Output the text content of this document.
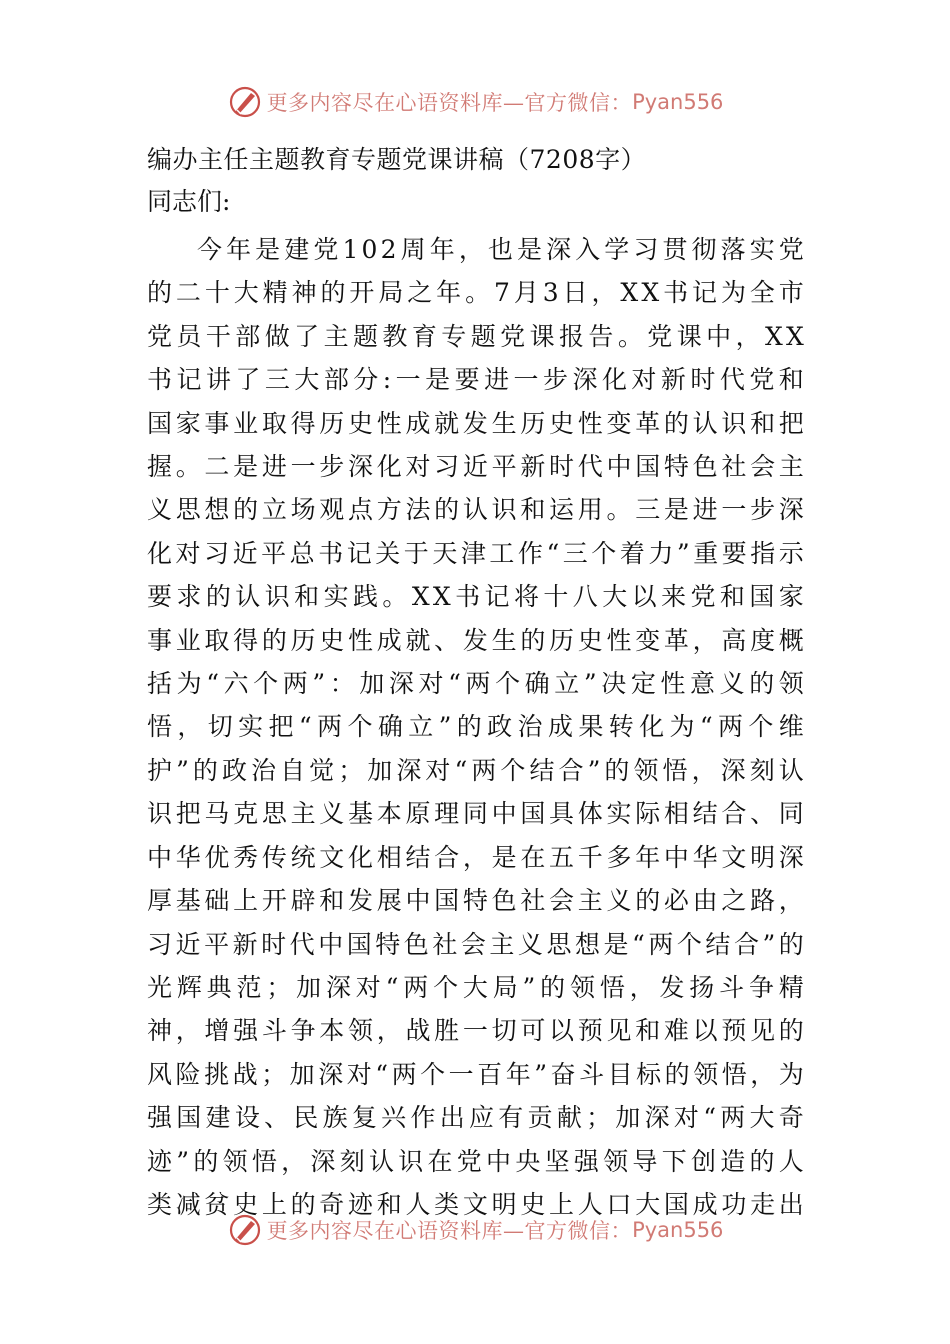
更多内容尽在心语资料库—官方微信： Pyan556
编办主任主题教育专题党课讲稿（7208字）
同志们:
今年是建党102周年，也是深入学习贯彻落实党的二十大精神的开局之年。7月3日，XX书记为全市党员干部做了主题教育专题党课报告。党课中，XX书记讲了三大部分:一是要进一步深化对新时代党和国家事业取得历史性成就发生历史性变革的认识和把握。二是进一步深化对习近平新时代中国特色社会主义思想的立场观点方法的认识和运用。三是进一步深化对习近平总书记关于天津工作“三个着力”重要指示要求的认识和实践。XX书记将十八大以来党和国家事业取得的历史性成就、发生的历史性变革，高度概括为“六个两”：加深对“两个确立”决定性意义的领悟，切实把“两个确立”的政治成果转化为“两个维护”的政治自觉；加深对“两个结合”的领悟，深刻认识把马克思主义基本原理同中国具体实际相结合、同中华优秀传统文化相结合，是在五千多年中华文明深厚基础上开辟和发展中国特色社会主义的必由之路，习近平新时代中国特色社会主义思想是“两个结合”的光辉典范；加深对“两个大局”的领悟，发扬斗争精神，增强斗争本领，战胜一切可以预见和难以预见的风险挑战；加深对“两个一百年”奋斗目标的领悟，为强国建设、民族复兴作出应有贡献；加深对“两大奇迹”的领悟，深刻认识在党中央坚强领导下创造的人类减贫史上的奇迹和人类文明史上人口大国成功走出
更多内容尽在心语资料库—官方微信： Pyan556
